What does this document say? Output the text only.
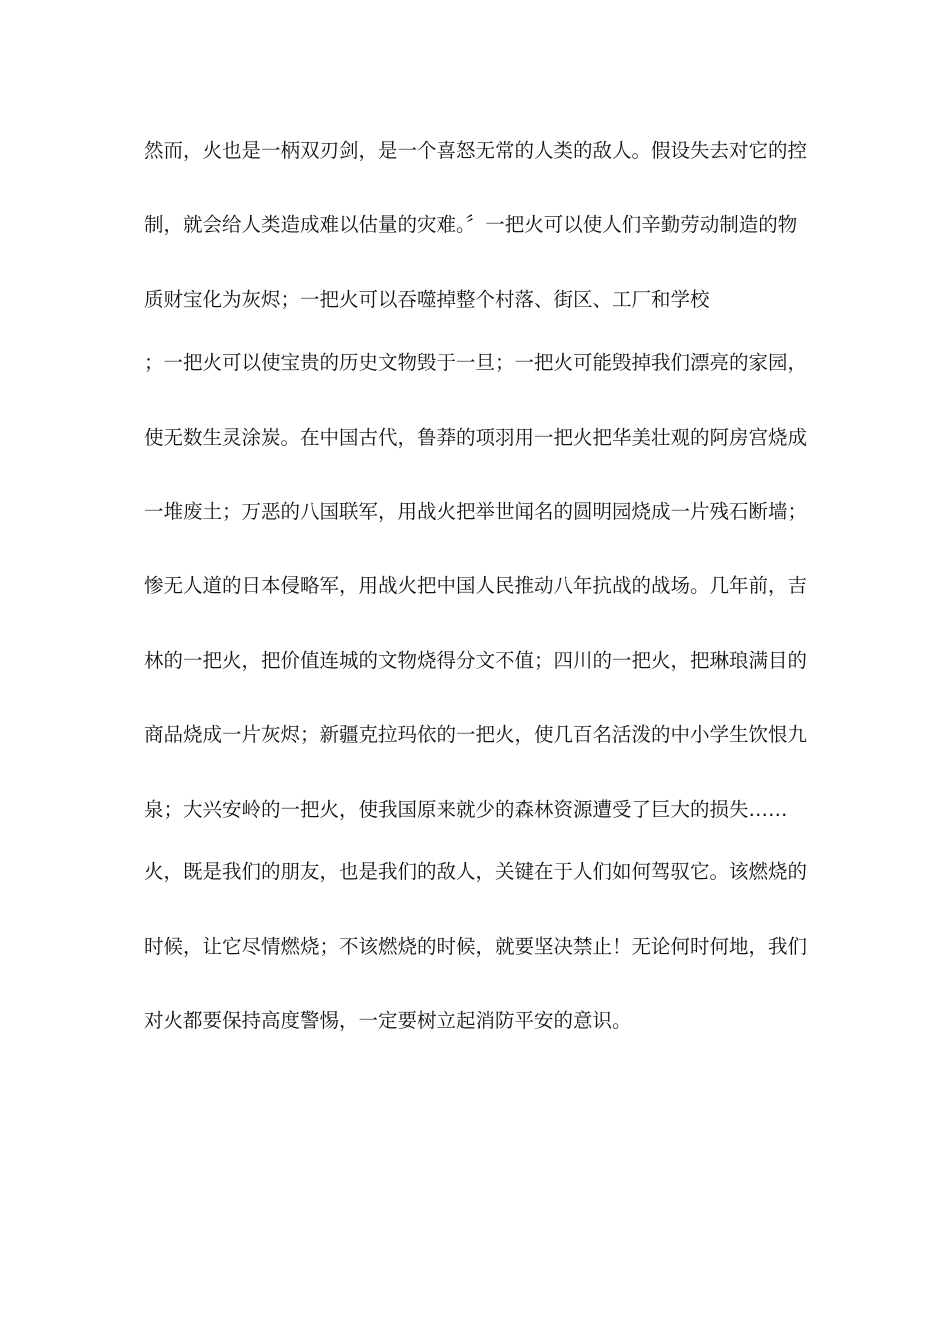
然而，火也是一柄双刃剑，是一个喜怒无常的人类的敌人。假设失去对它的控
制，就会给人类造成难以估量的灾难。〞一把火可以使人们辛勤劳动制造的物
质财宝化为灰烬；一把火可以吞噬掉整个村落、街区、工厂和学校
；一把火可以使宝贵的历史文物毁于一旦；一把火可能毁掉我们漂亮的家园，
使无数生灵涂炭。在中国古代，鲁莽的项羽用一把火把华美壮观的阿房宫烧成
一堆废土；万恶的八国联军，用战火把举世闻名的圆明园烧成一片残石断墙；
惨无人道的日本侵略军，用战火把中国人民推动八年抗战的战场。几年前，吉
林的一把火，把价值连城的文物烧得分文不值；四川的一把火，把琳琅满目的
商品烧成一片灰烬；新疆克拉玛依的一把火，使几百名活泼的中小学生饮恨九
泉；大兴安岭的一把火，使我国原来就少的森林资源遭受了巨大的损失……
火，既是我们的朋友，也是我们的敌人，关键在于人们如何驾驭它。该燃烧的
时候，让它尽情燃烧；不该燃烧的时候，就要坚决禁止！无论何时何地，我们
对火都要保持高度警惕，一定要树立起消防平安的意识。
